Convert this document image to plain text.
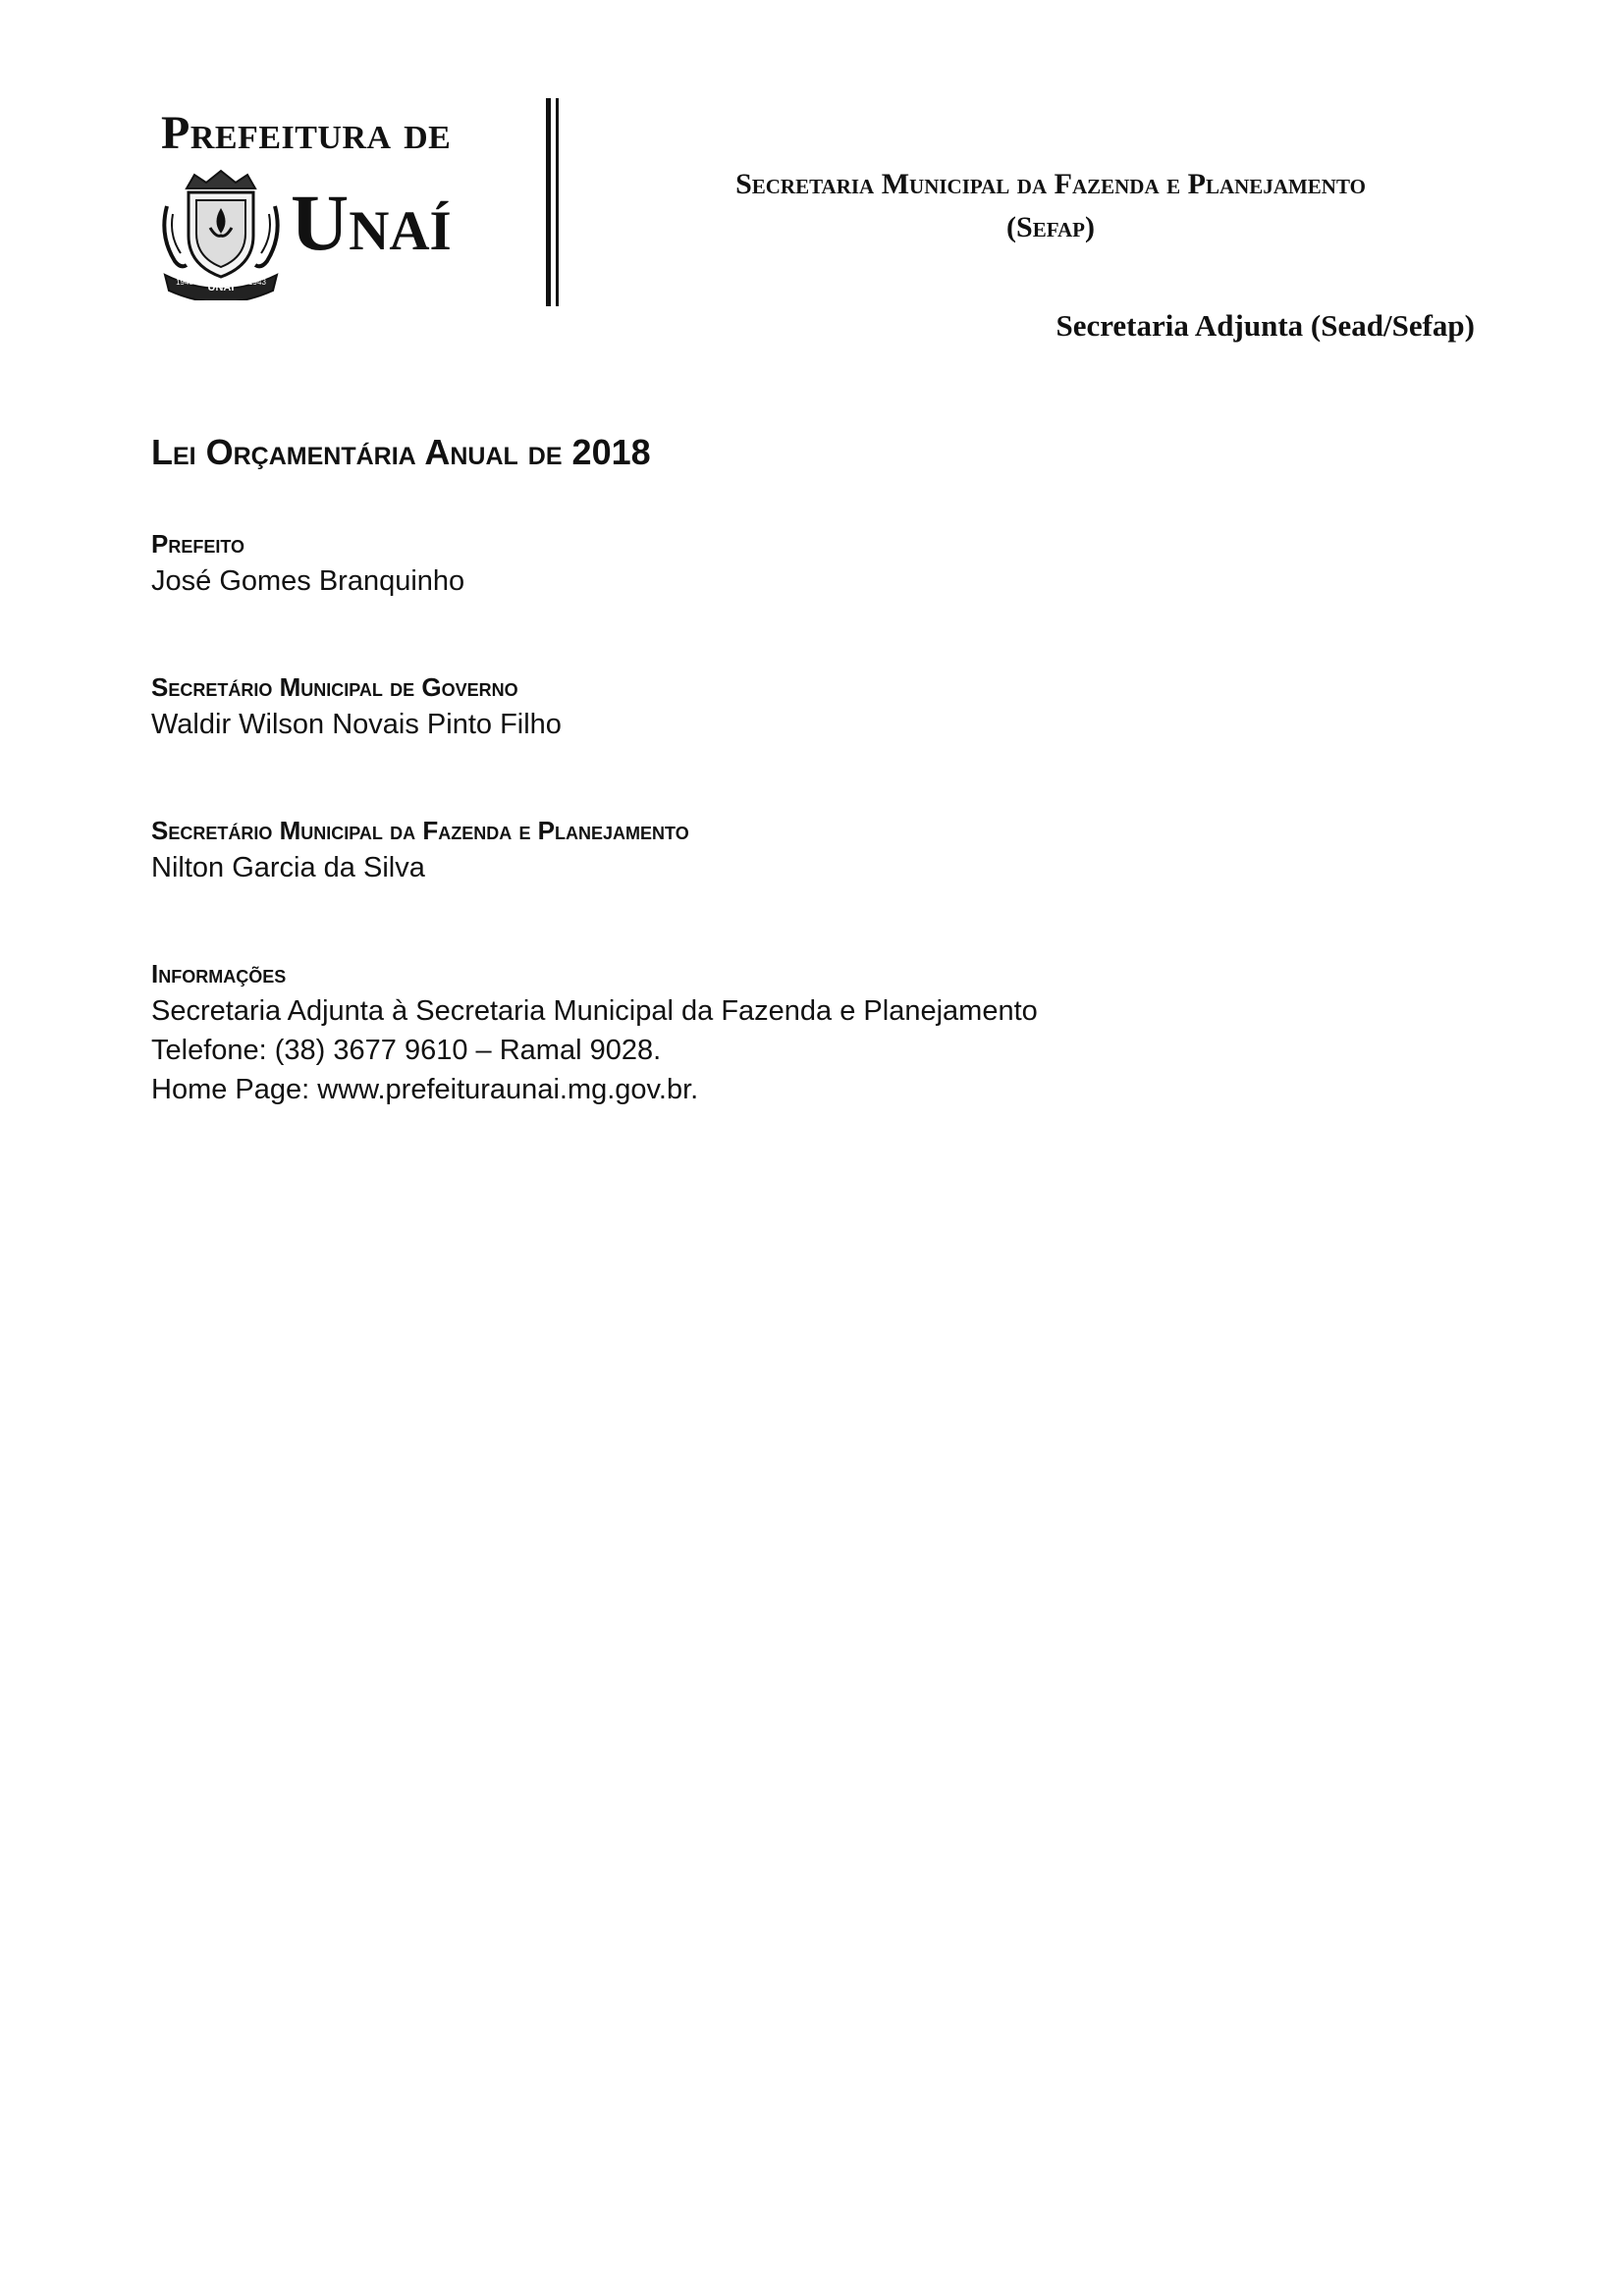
Prefeitura de
UNAÍ
1943	1943
Unaí	Secretaria Municipal da Fazenda e Planejamento
(Sefap)
Secretaria Adjunta (Sead/Sefap)
Lei Orçamentária Anual de 2018

Prefeito

José Gomes Branquinho

Secretário Municipal de Governo

Waldir Wilson Novais Pinto Filho

Secretário Municipal da Fazenda e Planejamento

Nilton Garcia da Silva

Informações

Secretaria Adjunta à Secretaria Municipal da Fazenda e Planejamento

Telefone: (38) 3677 9610 – Ramal 9028.

Home Page: www.prefeituraunai.mg.gov.br.
